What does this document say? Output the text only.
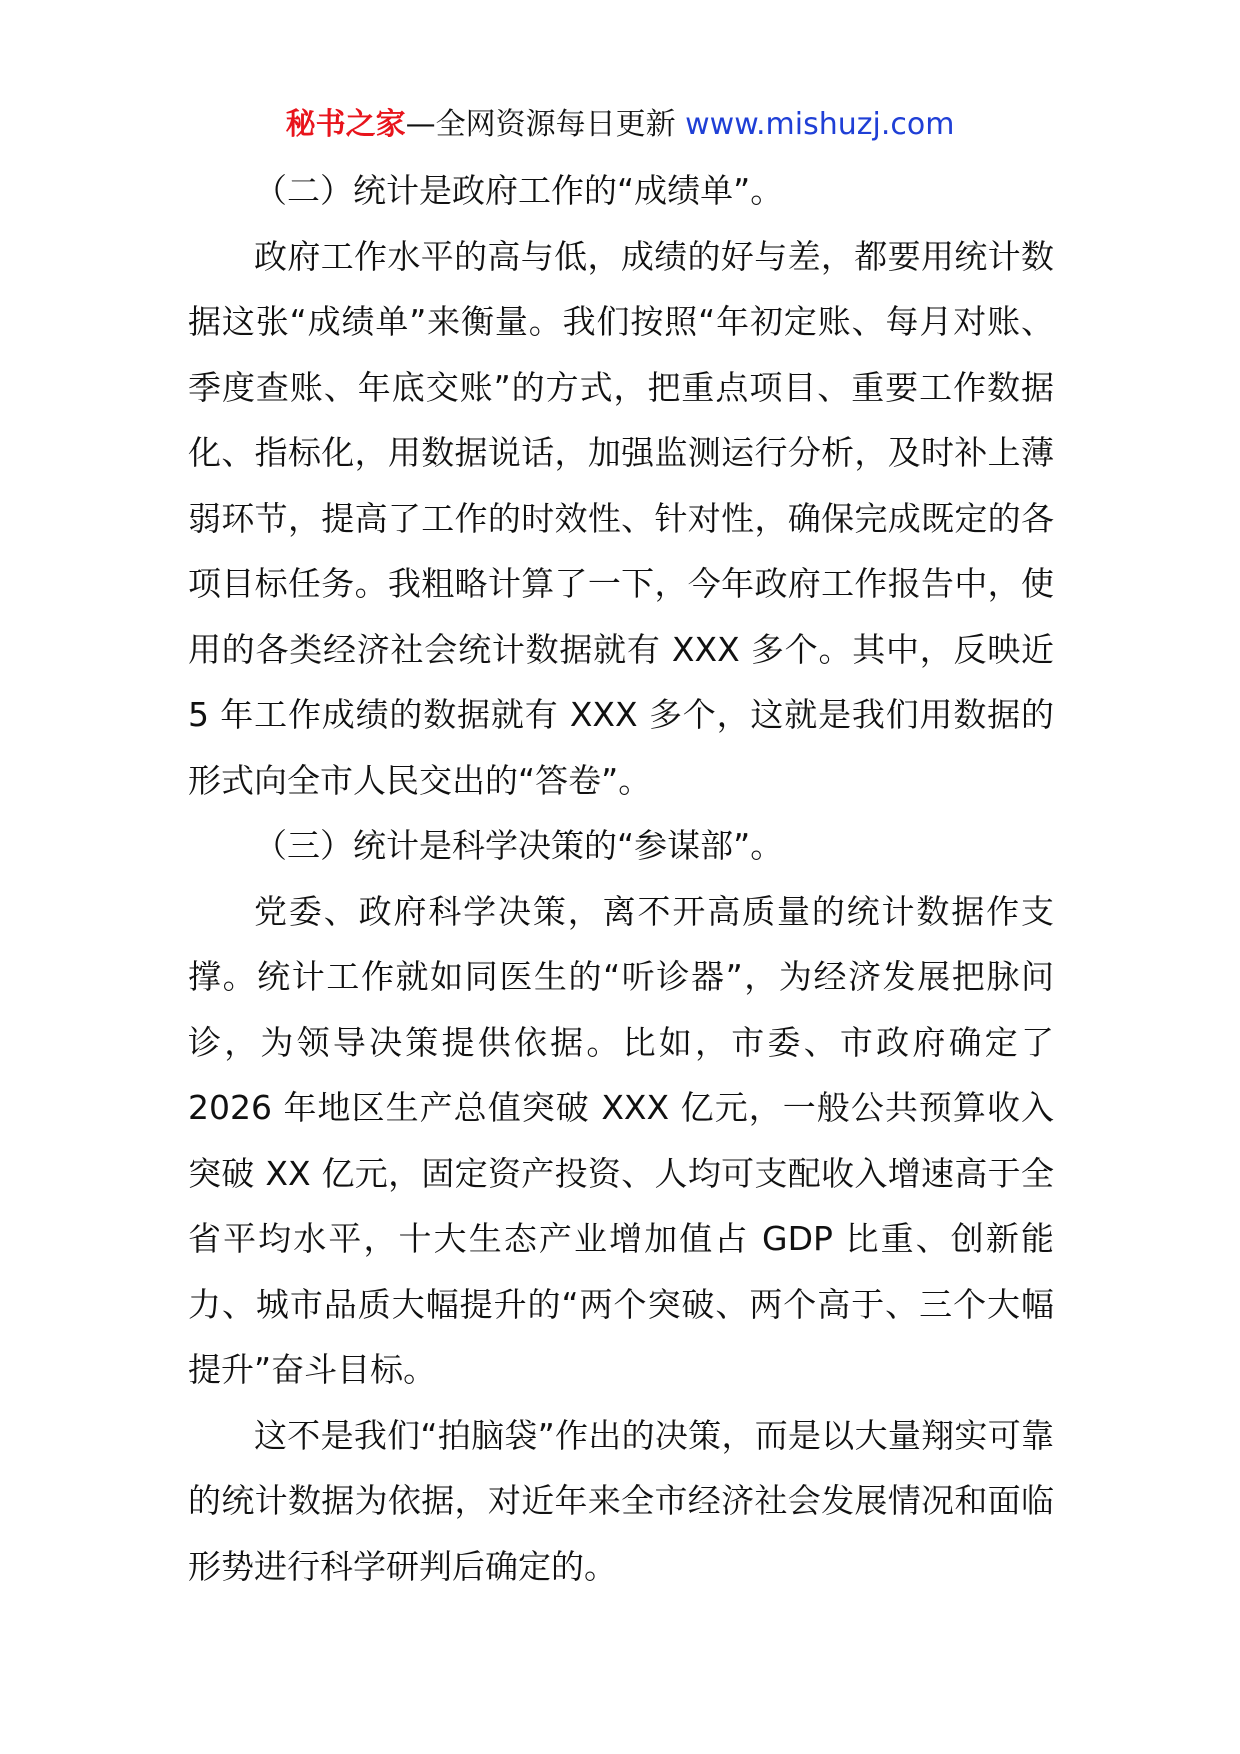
秘书之家—全网资源每日更新 www.mishuzj.com

（二）统计是政府工作的“成绩单”。

政府工作水平的高与低，成绩的好与差，都要用统计数据这张“成绩单”来衡量。我们按照“年初定账、每月对账、季度查账、年底交账”的方式，把重点项目、重要工作数据化、指标化，用数据说话，加强监测运行分析，及时补上薄弱环节，提高了工作的时效性、针对性，确保完成既定的各项目标任务。我粗略计算了一下，今年政府工作报告中，使用的各类经济社会统计数据就有 XXX 多个。其中，反映近 5 年工作成绩的数据就有 XXX 多个，这就是我们用数据的形式向全市人民交出的“答卷”。

（三）统计是科学决策的“参谋部”。

党委、政府科学决策，离不开高质量的统计数据作支撑。统计工作就如同医生的“听诊器”，为经济发展把脉问诊，为领导决策提供依据。比如，市委、市政府确定了 2026 年地区生产总值突破 XXX 亿元，一般公共预算收入突破 XX 亿元，固定资产投资、人均可支配收入增速高于全省平均水平，十大生态产业增加值占 GDP 比重、创新能力、城市品质大幅提升的“两个突破、两个高于、三个大幅提升”奋斗目标。

这不是我们“拍脑袋”作出的决策，而是以大量翔实可靠的统计数据为依据，对近年来全市经济社会发展情况和面临形势进行科学研判后确定的。
